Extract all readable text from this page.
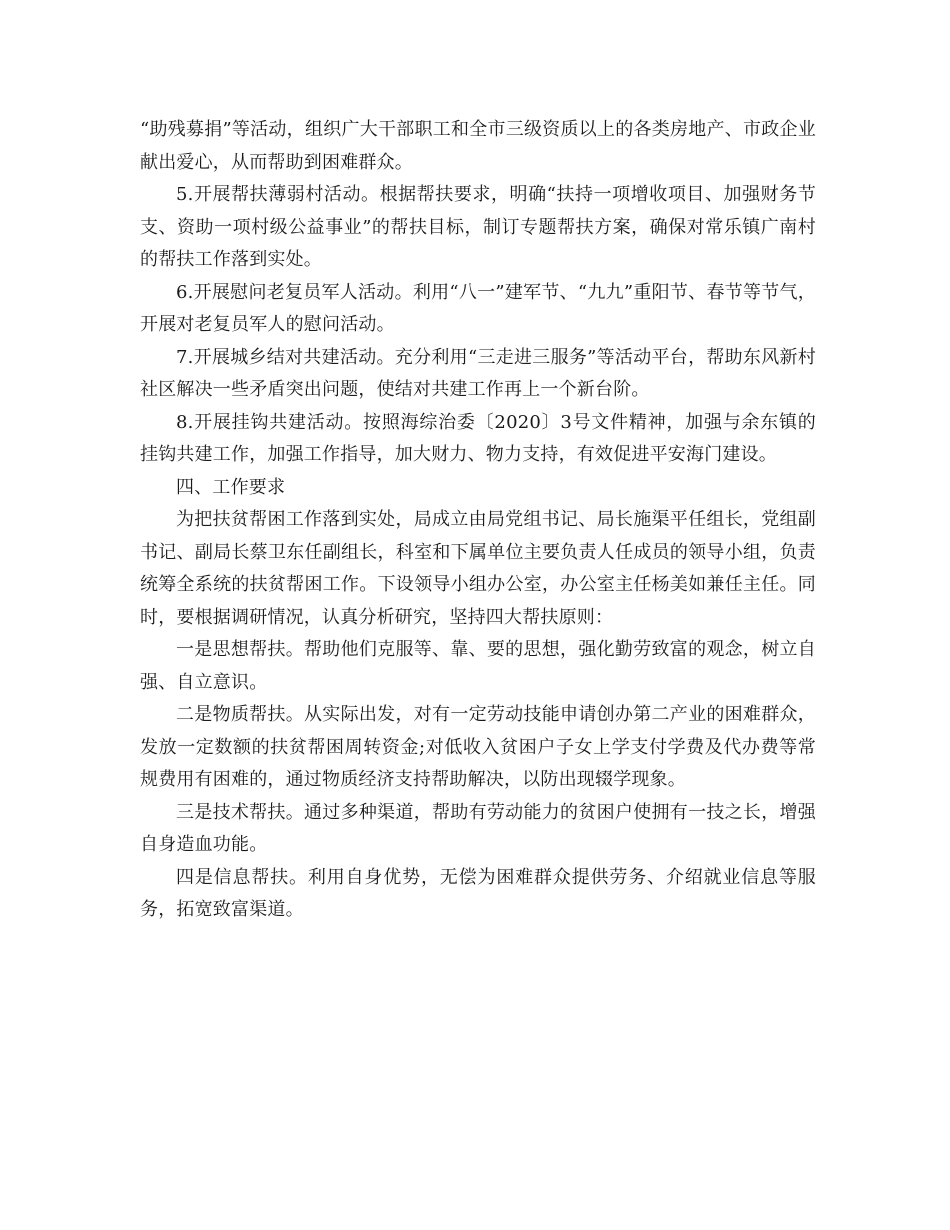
“助残募捐”等活动，组织广大干部职工和全市三级资质以上的各类房地产、市政企业献出爱心，从而帮助到困难群众。

5.开展帮扶薄弱村活动。根据帮扶要求，明确“扶持一项增收项目、加强财务节支、资助一项村级公益事业”的帮扶目标，制订专题帮扶方案，确保对常乐镇广南村的帮扶工作落到实处。

6.开展慰问老复员军人活动。利用“八一”建军节、“九九”重阳节、春节等节气，开展对老复员军人的慰问活动。

7.开展城乡结对共建活动。充分利用“三走进三服务”等活动平台，帮助东风新村社区解决一些矛盾突出问题，使结对共建工作再上一个新台阶。

8.开展挂钩共建活动。按照海综治委〔2020〕3号文件精神，加强与余东镇的挂钩共建工作，加强工作指导，加大财力、物力支持，有效促进平安海门建设。

四、工作要求

为把扶贫帮困工作落到实处，局成立由局党组书记、局长施渠平任组长，党组副书记、副局长蔡卫东任副组长，科室和下属单位主要负责人任成员的领导小组，负责统筹全系统的扶贫帮困工作。下设领导小组办公室，办公室主任杨美如兼任主任。同时，要根据调研情况，认真分析研究，坚持四大帮扶原则：

一是思想帮扶。帮助他们克服等、靠、要的思想，强化勤劳致富的观念，树立自强、自立意识。

二是物质帮扶。从实际出发，对有一定劳动技能申请创办第二产业的困难群众，发放一定数额的扶贫帮困周转资金;对低收入贫困户子女上学支付学费及代办费等常规费用有困难的，通过物质经济支持帮助解决，以防出现辍学现象。

三是技术帮扶。通过多种渠道，帮助有劳动能力的贫困户使拥有一技之长，增强自身造血功能。

四是信息帮扶。利用自身优势，无偿为困难群众提供劳务、介绍就业信息等服务，拓宽致富渠道。
